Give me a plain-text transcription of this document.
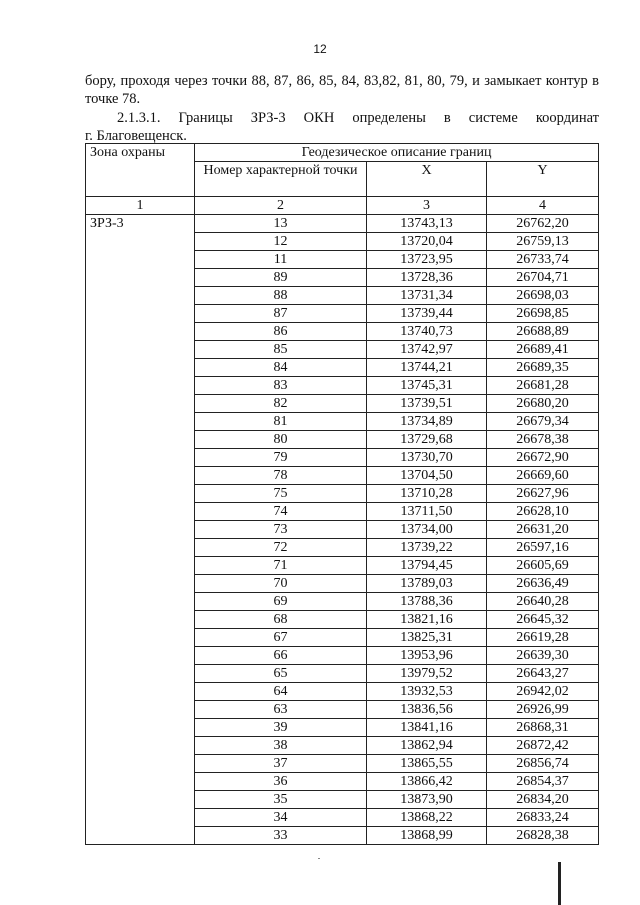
12
бору, проходя через точки 88, 87, 86, 85, 84, 83,82, 81, 80, 79, и замыкает контур в точке 78.
2.1.3.1. Границы ЗРЗ-3 ОКН определены в системе координат
г. Благовещенск.
Зона охраны	Геодезическое описание границ		
	Номер характерной точки	X	Y
1	2	3	4
ЗРЗ-3	13	13743,13	26762,20
	12	13720,04	26759,13
	11	13723,95	26733,74
	89	13728,36	26704,71
	88	13731,34	26698,03
	87	13739,44	26698,85
	86	13740,73	26688,89
	85	13742,97	26689,41
	84	13744,21	26689,35
	83	13745,31	26681,28
	82	13739,51	26680,20
	81	13734,89	26679,34
	80	13729,68	26678,38
	79	13730,70	26672,90
	78	13704,50	26669,60
	75	13710,28	26627,96
	74	13711,50	26628,10
	73	13734,00	26631,20
	72	13739,22	26597,16
	71	13794,45	26605,69
	70	13789,03	26636,49
	69	13788,36	26640,28
	68	13821,16	26645,32
	67	13825,31	26619,28
	66	13953,96	26639,30
	65	13979,52	26643,27
	64	13932,53	26942,02
	63	13836,56	26926,99
	39	13841,16	26868,31
	38	13862,94	26872,42
	37	13865,55	26856,74
	36	13866,42	26854,37
	35	13873,90	26834,20
	34	13868,22	26833,24
	33	13868,99	26828,38
